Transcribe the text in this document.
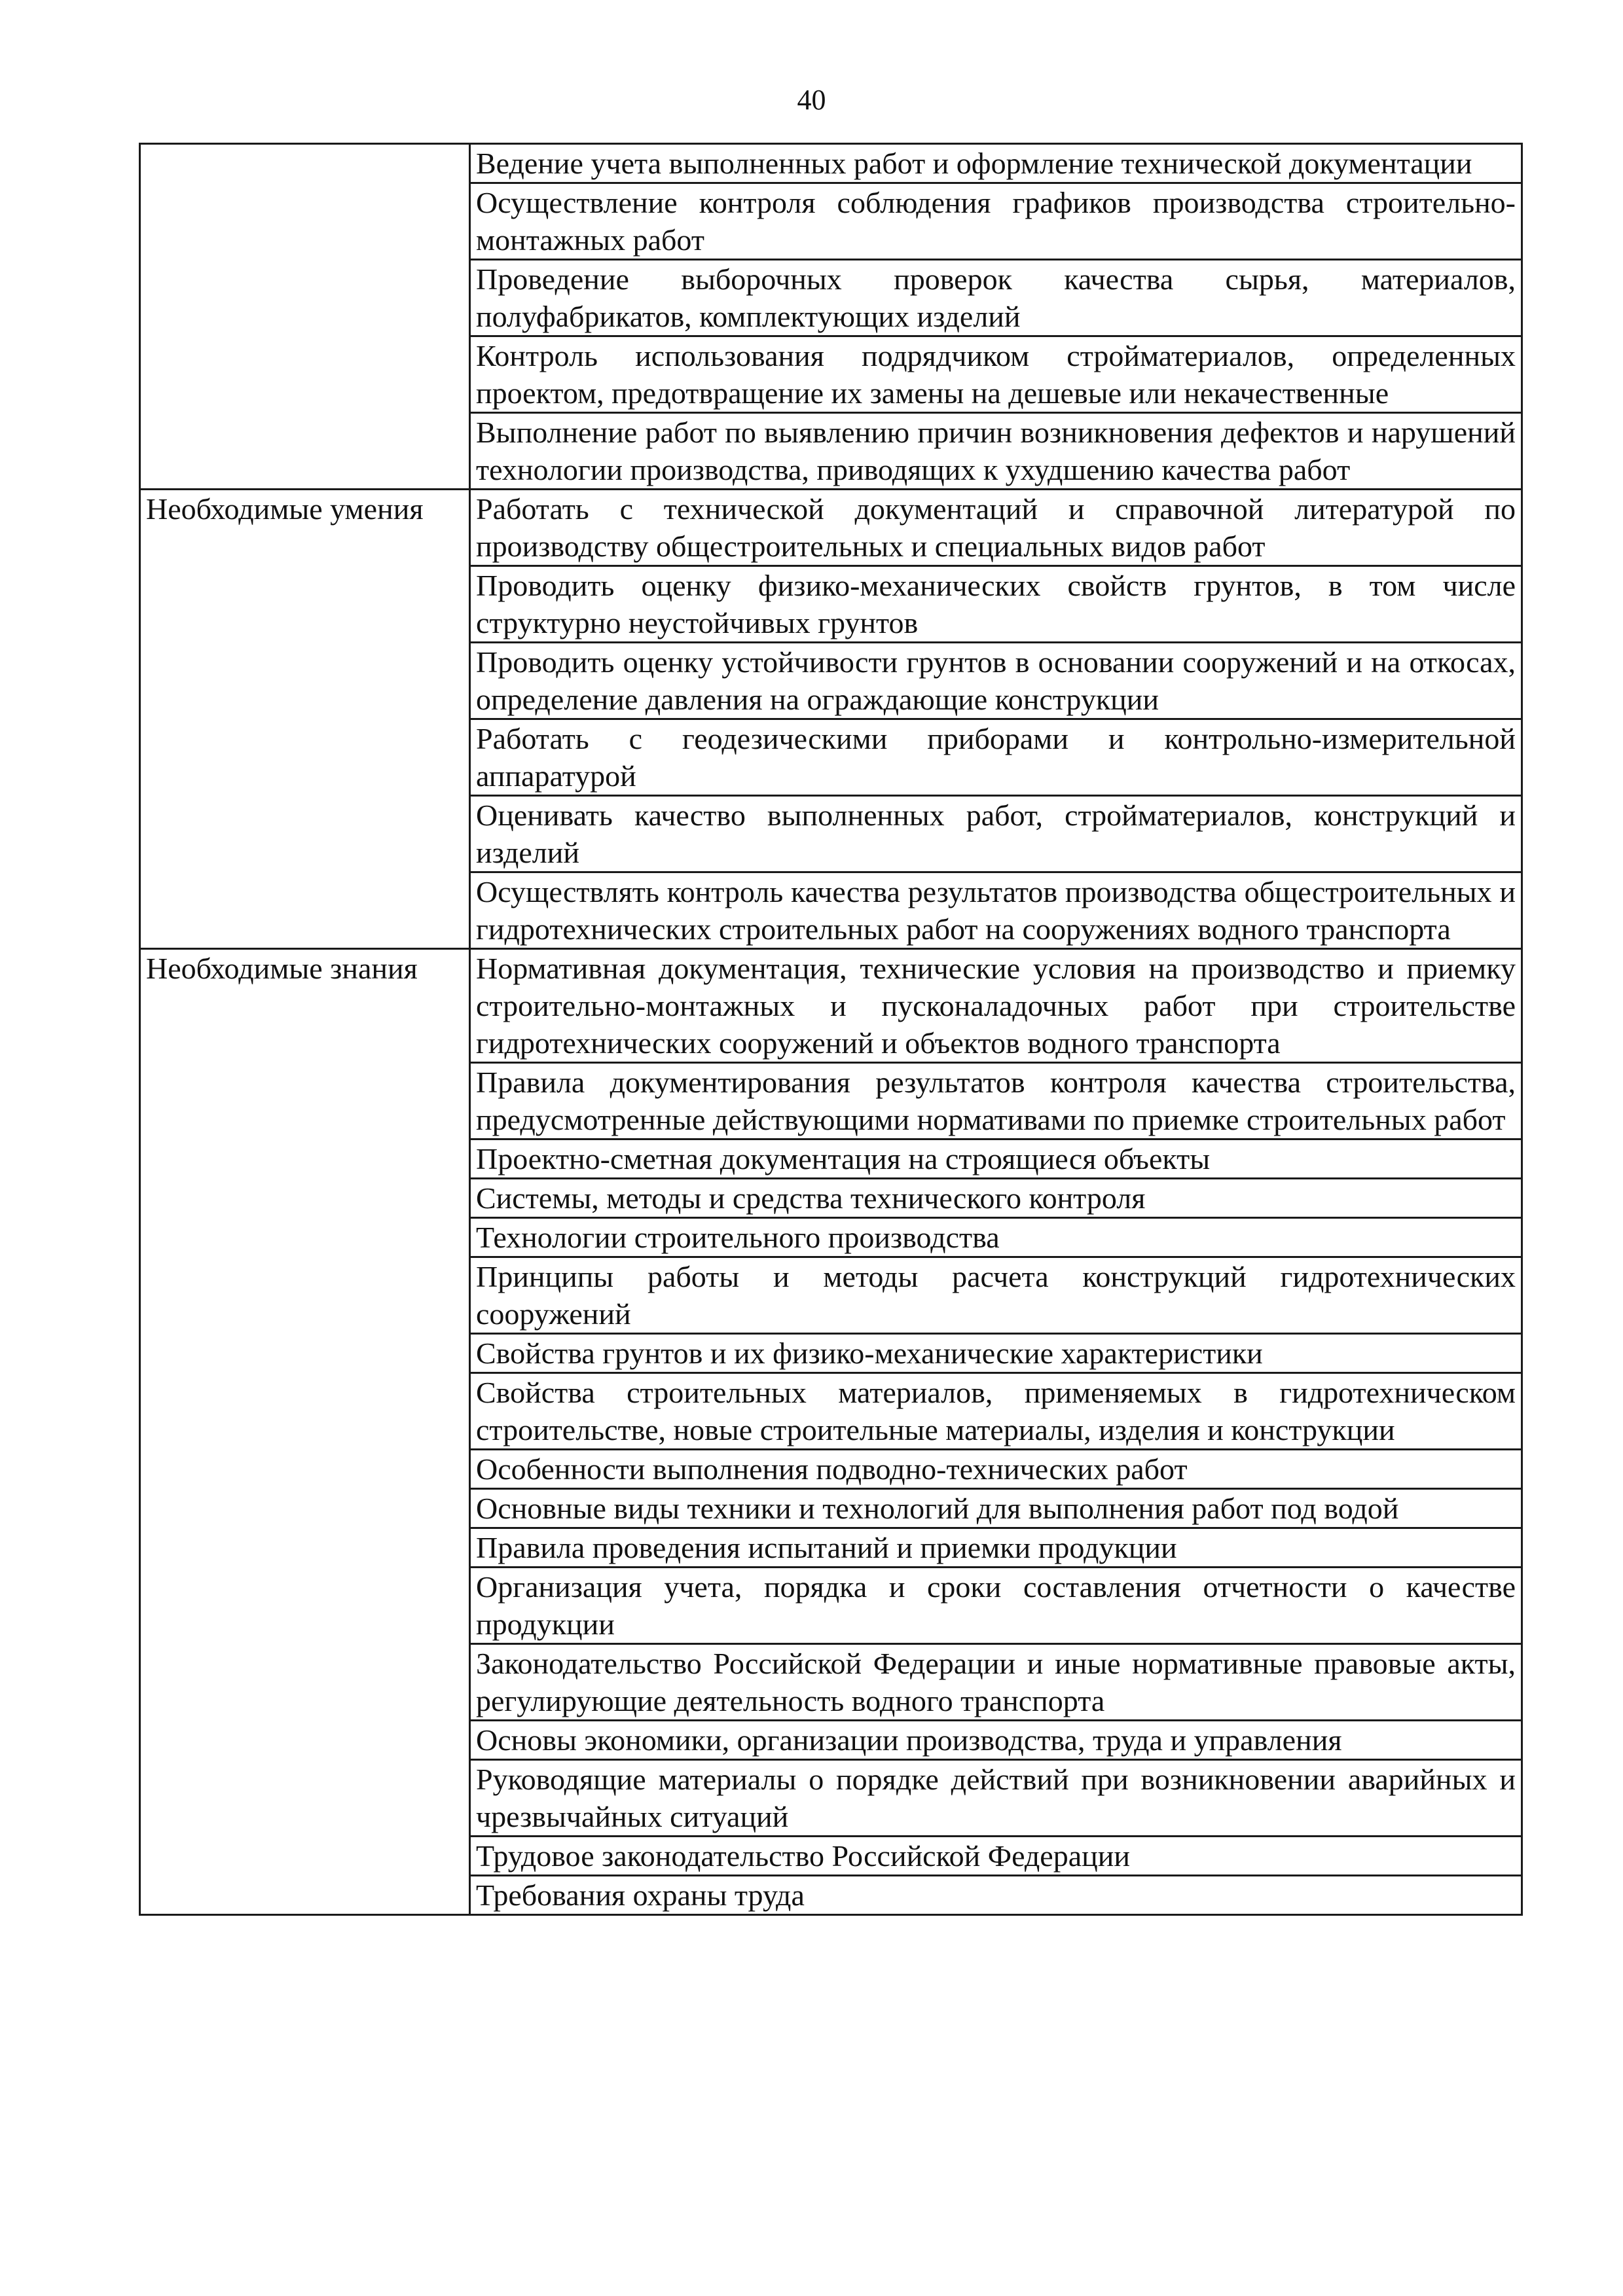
40
	Ведение учета выполненных работ и оформление технической документации
	Осуществление контроля соблюдения графиков производства строительно-монтажных работ
	Проведение выборочных проверок качества сырья, материалов, полуфабрикатов, комплектующих изделий
	Контроль использования подрядчиком стройматериалов, определенных проектом, предотвращение их замены на дешевые или некачественные
	Выполнение работ по выявлению причин возникновения дефектов и нарушений технологии производства, приводящих к ухудшению качества работ
Необходимые умения	Работать с технической документаций и справочной литературой по производству общестроительных и специальных видов работ
	Проводить оценку физико-механических свойств грунтов, в том числе структурно неустойчивых грунтов
	Проводить оценку устойчивости грунтов в основании сооружений и на откосах, определение давления на ограждающие конструкции
	Работать с геодезическими приборами и контрольно-измерительной аппаратурой
	Оценивать качество выполненных работ, стройматериалов, конструкций и изделий
	Осуществлять контроль качества результатов производства общестроительных и гидротехнических строительных работ на сооружениях водного транспорта
Необходимые знания	Нормативная документация, технические условия на производство и приемку строительно-монтажных и пусконаладочных работ при строительстве гидротехнических сооружений и объектов водного транспорта
	Правила документирования результатов контроля качества строительства, предусмотренные действующими нормативами по приемке строительных работ
	Проектно-сметная документация на строящиеся объекты
	Системы, методы и средства технического контроля
	Технологии строительного производства
	Принципы работы и методы расчета конструкций гидротехнических сооружений
	Свойства грунтов и их физико-механические характеристики
	Свойства строительных материалов, применяемых в гидротехническом строительстве, новые строительные материалы, изделия и конструкции
	Особенности выполнения подводно-технических работ
	Основные виды техники и технологий для выполнения работ под водой
	Правила проведения испытаний и приемки продукции
	Организация учета, порядка и сроки составления отчетности о качестве продукции
	Законодательство Российской Федерации и иные нормативные правовые акты, регулирующие деятельность водного транспорта
	Основы экономики, организации производства, труда и управления
	Руководящие материалы о порядке действий при возникновении аварийных и чрезвычайных ситуаций
	Трудовое законодательство Российской Федерации
	Требования охраны труда
